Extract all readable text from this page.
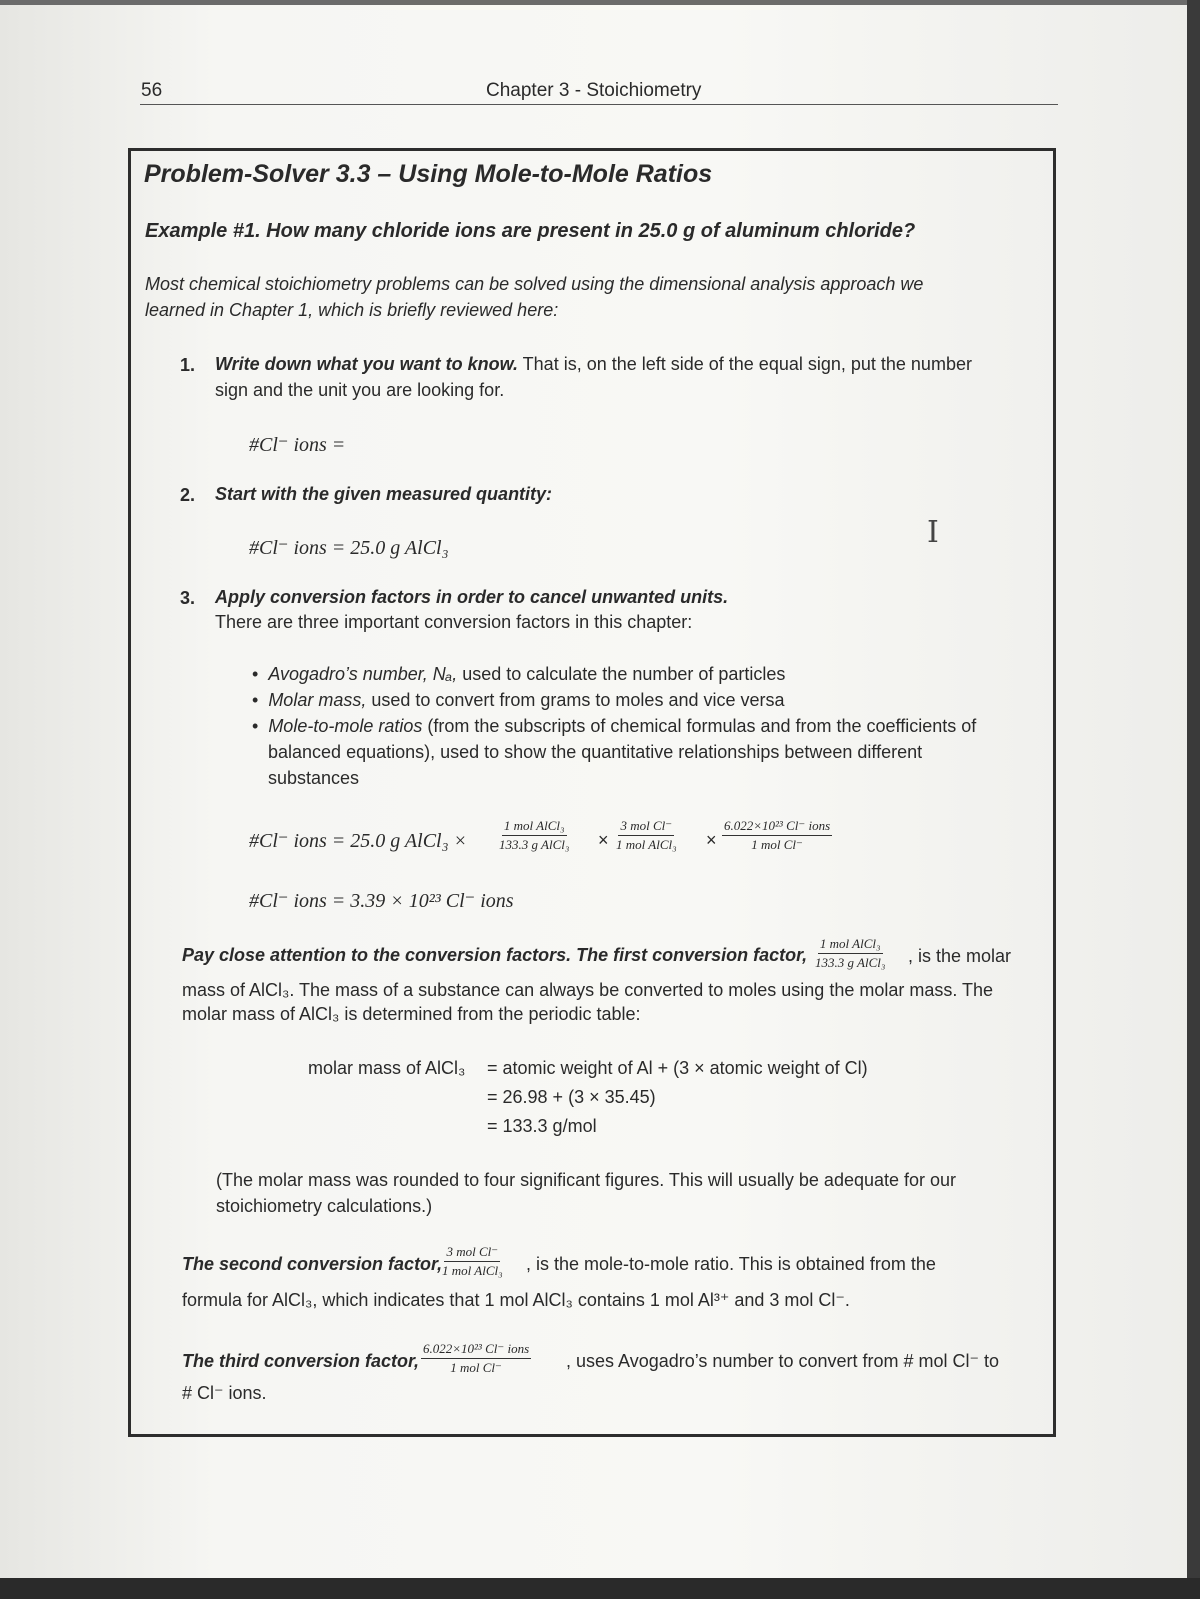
56	Chapter 3 - Stoichiometry
Problem-Solver 3.3 – Using Mole-to-Mole Ratios
Example #1. How many chloride ions are present in 25.0 g of aluminum chloride?
Most chemical stoichiometry problems can be solved using the dimensional analysis approach we
learned in Chapter 1, which is briefly reviewed here:
1. Write down what you want to know. That is, on the left side of the equal sign, put the number
sign and the unit you are looking for.
#Cl⁻ ions =
2. Start with the given measured quantity:
#Cl⁻ ions = 25.0 g AlCl₃	I
3. Apply conversion factors in order to cancel unwanted units.
There are three important conversion factors in this chapter:
•  Avogadro’s number, Nₐ, used to calculate the number of particles
•  Molar mass, used to convert from grams to moles and vice versa
•  Mole-to-mole ratios (from the subscripts of chemical formulas and from the coefficients of
balanced equations), used to show the quantitative relationships between different
substances
#Cl⁻ ions = 25.0 g AlCl₃ ×
1 mol AlCl₃
133.3 g AlCl₃ ×
3 mol Cl⁻
1 mol AlCl₃ ×
6.022×10²³ Cl⁻ ions
1 mol Cl⁻
#Cl⁻ ions = 3.39 × 10²³ Cl⁻ ions
Pay close attention to the conversion factors. The first conversion factor,
1 mol AlCl₃
133.3 g AlCl₃ , is the molar
mass of AlCl₃. The mass of a substance can always be converted to moles using the molar mass. The
molar mass of AlCl₃ is determined from the periodic table:
molar mass of AlCl₃ = atomic weight of Al + (3 × atomic weight of Cl)
= 26.98 + (3 × 35.45)
= 133.3 g/mol
(The molar mass was rounded to four significant figures. This will usually be adequate for our
stoichiometry calculations.)
The second conversion factor,
3 mol Cl⁻
1 mol AlCl₃ , is the mole-to-mole ratio. This is obtained from the
formula for AlCl₃, which indicates that 1 mol AlCl₃ contains 1 mol Al³⁺ and 3 mol Cl⁻.
The third conversion factor,
6.022×10²³ Cl⁻ ions
1 mol Cl⁻	, uses Avogadro’s number to convert from # mol Cl⁻ to
# Cl⁻ ions.
